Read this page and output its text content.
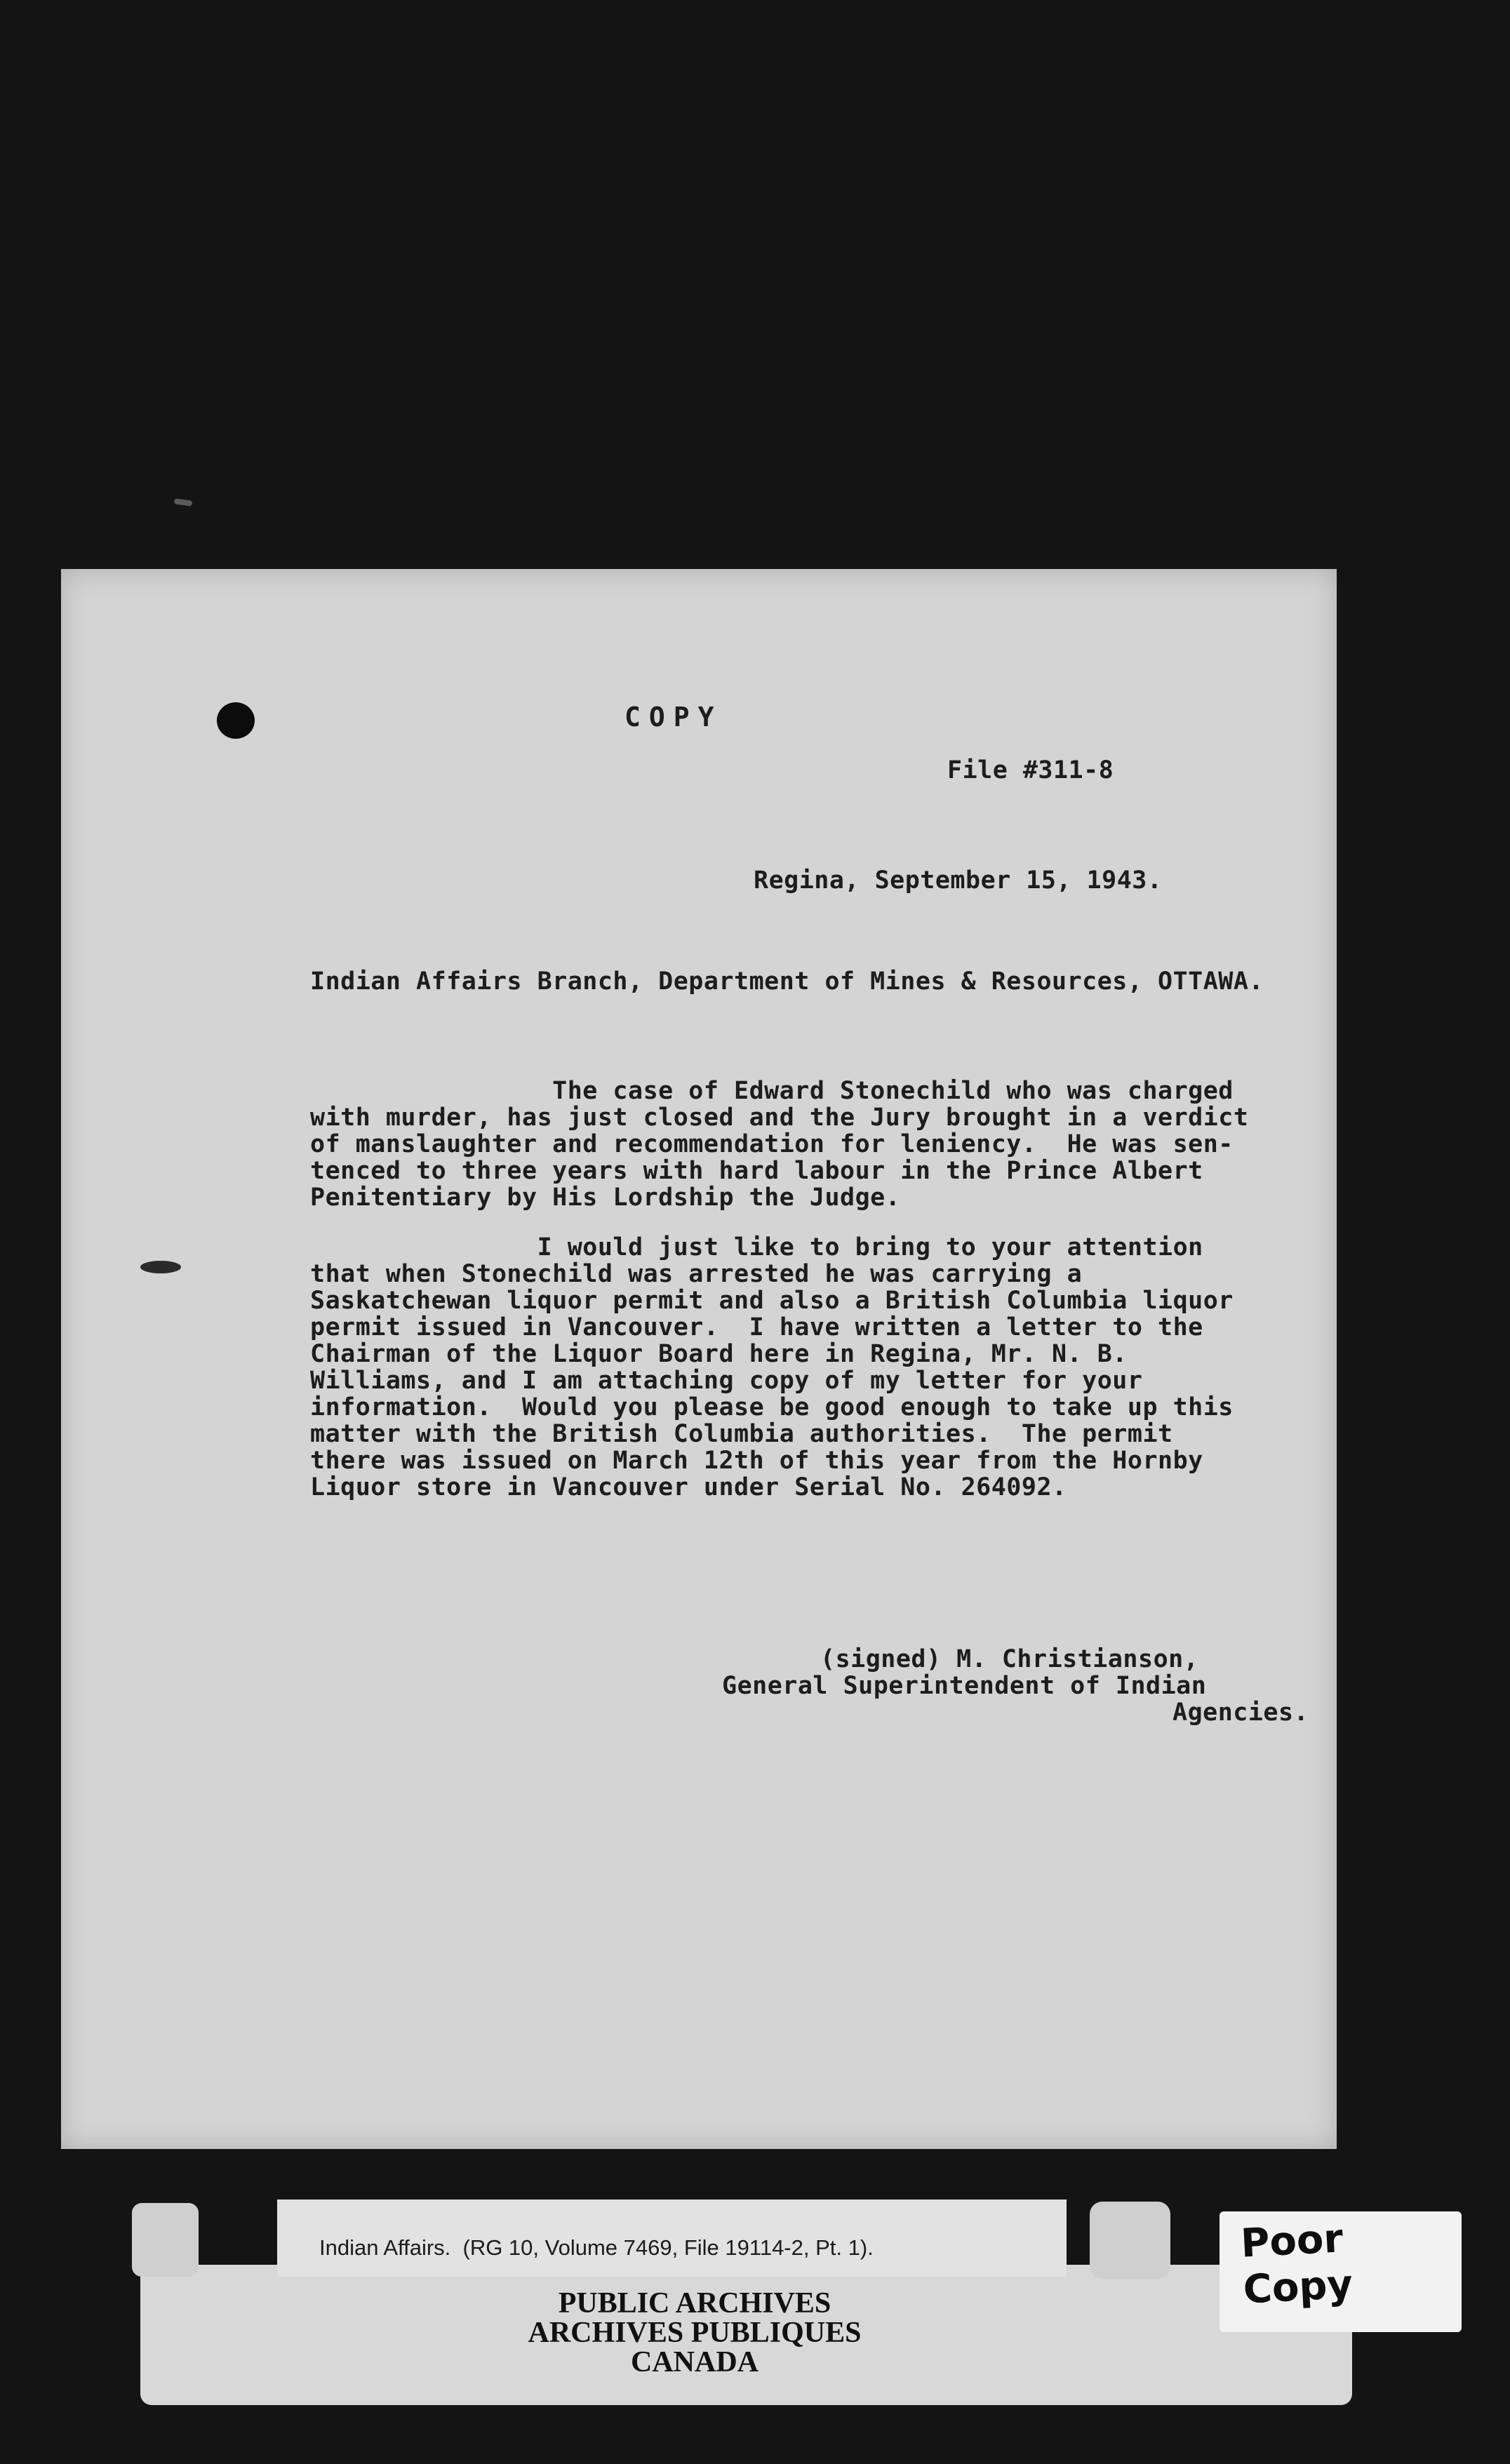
COPY
File #311-8
Regina, September 15, 1943.
Indian Affairs Branch, Department of Mines & Resources, OTTAWA.
The case of Edward Stonechild who was charged
with murder, has just closed and the Jury brought in a verdict
of manslaughter and recommendation for leniency.  He was sen-
tenced to three years with hard labour in the Prince Albert
Penitentiary by His Lordship the Judge.
I would just like to bring to your attention
that when Stonechild was arrested he was carrying a
Saskatchewan liquor permit and also a British Columbia liquor
permit issued in Vancouver.  I have written a letter to the
Chairman of the Liquor Board here in Regina, Mr. N. B.
Williams, and I am attaching copy of my letter for your
information.  Would you please be good enough to take up this
matter with the British Columbia authorities.  The permit
there was issued on March 12th of this year from the Hornby
Liquor store in Vancouver under Serial No. 264092.
(signed) M. Christianson,
General Superintendent of Indian
Agencies.
Indian Affairs.  (RG 10, Volume 7469, File 19114-2, Pt. 1).
PUBLIC ARCHIVES
ARCHIVES PUBLIQUES
CANADA
Poor
Copy
